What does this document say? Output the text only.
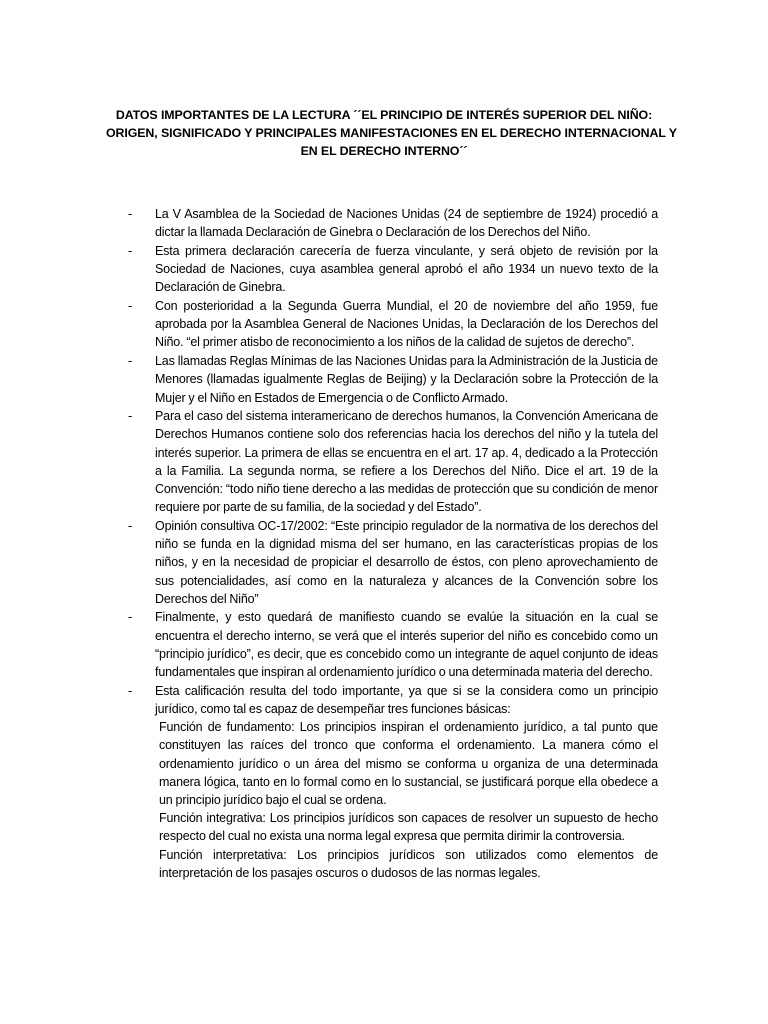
DATOS IMPORTANTES DE LA LECTURA ´´EL PRINCIPIO DE INTERÉS SUPERIOR DEL NIÑO:
ORIGEN, SIGNIFICADO Y PRINCIPALES MANIFESTACIONES EN EL DERECHO INTERNACIONAL Y
EN EL DERECHO INTERNO´´
- La V Asamblea de la Sociedad de Naciones Unidas (24 de septiembre de 1924) procedió a dictar la llamada Declaración de Ginebra o Declaración de los Derechos del Niño.
- Esta primera declaración carecería de fuerza vinculante, y será objeto de revisión por la Sociedad de Naciones, cuya asamblea general aprobó el año 1934 un nuevo texto de la Declaración de Ginebra.
- Con posterioridad a la Segunda Guerra Mundial, el 20 de noviembre del año 1959, fue aprobada por la Asamblea General de Naciones Unidas, la Declaración de los Derechos del Niño. “el primer atisbo de reconocimiento a los niños de la calidad de sujetos de derecho”.
- Las llamadas Reglas Mínimas de las Naciones Unidas para la Administración de la Justicia de Menores (llamadas igualmente Reglas de Beijing) y la Declaración sobre la Protección de la Mujer y el Niño en Estados de Emergencia o de Conflicto Armado.
- Para el caso del sistema interamericano de derechos humanos, la Convención Americana de Derechos Humanos contiene solo dos referencias hacia los derechos del niño y la tutela del interés superior. La primera de ellas se encuentra en el art. 17 ap. 4, dedicado a la Protección a la Familia. La segunda norma, se refiere a los Derechos del Niño. Dice el art. 19 de la Convención: “todo niño tiene derecho a las medidas de protección que su condición de menor requiere por parte de su familia, de la sociedad y del Estado”.
- Opinión consultiva OC-17/2002: “Este principio regulador de la normativa de los derechos del niño se funda en la dignidad misma del ser humano, en las características propias de los niños, y en la necesidad de propiciar el desarrollo de éstos, con pleno aprovechamiento de sus potencialidades, así como en la naturaleza y alcances de la Convención sobre los Derechos del Niño”
- Finalmente, y esto quedará de manifiesto cuando se evalúe la situación en la cual se encuentra el derecho interno, se verá que el interés superior del niño es concebido como un “principio jurídico”, es decir, que es concebido como un integrante de aquel conjunto de ideas fundamentales que inspiran al ordenamiento jurídico o una determinada materia del derecho.
- Esta calificación resulta del todo importante, ya que si se la considera como un principio jurídico, como tal es capaz de desempeñar tres funciones básicas:
Función de fundamento: Los principios inspiran el ordenamiento jurídico, a tal punto que constituyen las raíces del tronco que conforma el ordenamiento. La manera cómo el ordenamiento jurídico o un área del mismo se conforma u organiza de una determinada manera lógica, tanto en lo formal como en lo sustancial, se justificará porque ella obedece a un principio jurídico bajo el cual se ordena.
Función integrativa: Los principios jurídicos son capaces de resolver un supuesto de hecho respecto del cual no exista una norma legal expresa que permita dirimir la controversia.
Función interpretativa: Los principios jurídicos son utilizados como elementos de interpretación de los pasajes oscuros o dudosos de las normas legales.
